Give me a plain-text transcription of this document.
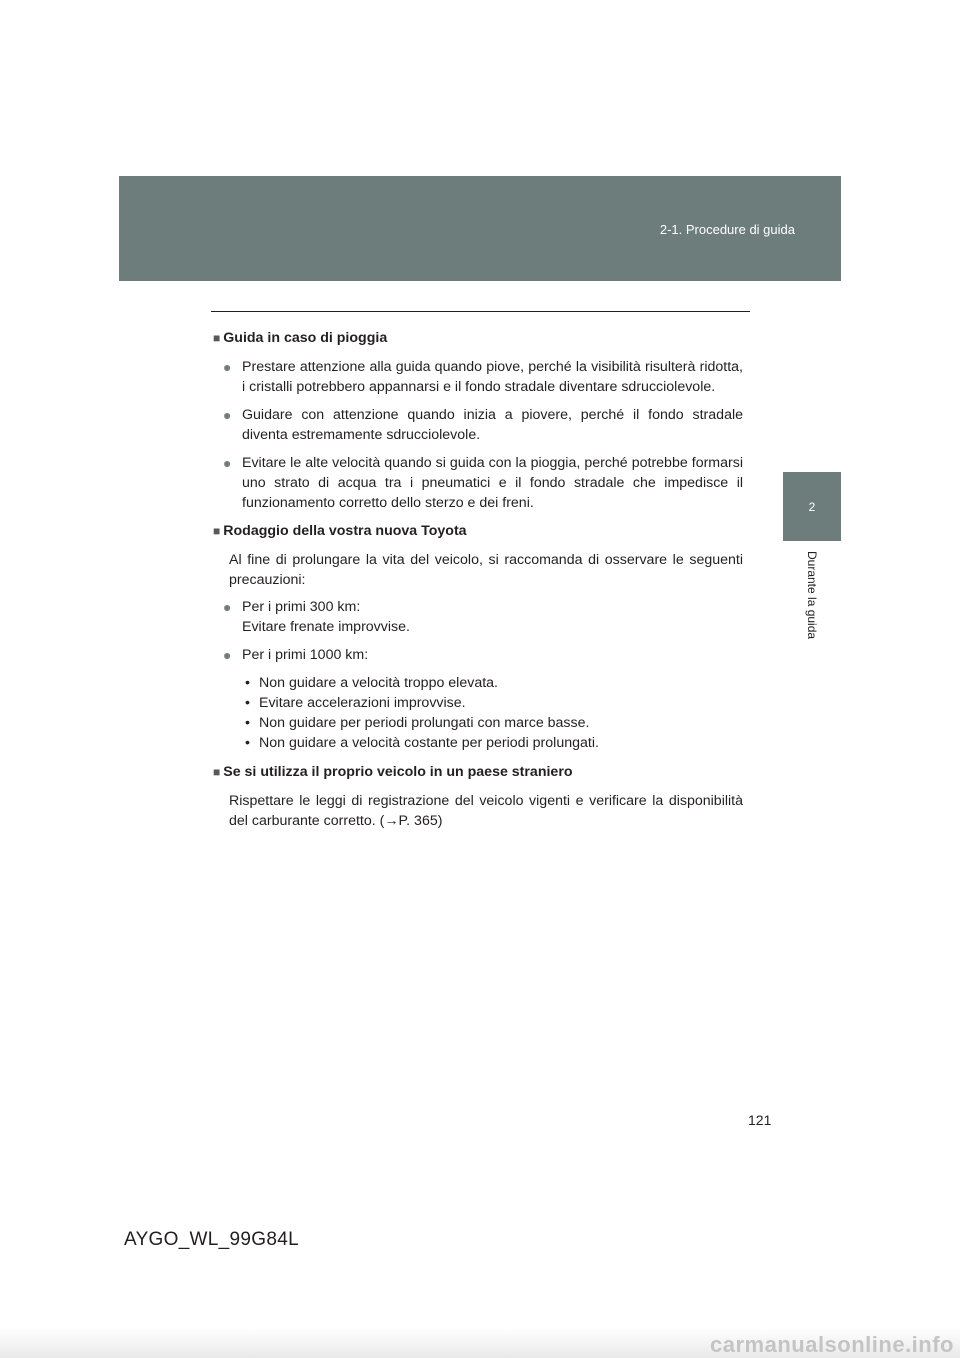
2-1. Procedure di guida
2
Durante la guida
■ Guida in caso di pioggia
● Prestare attenzione alla guida quando piove, perché la visibilità risulterà ridotta, i cristalli potrebbero appannarsi e il fondo stradale diventare sdrucciolevole.
● Guidare con attenzione quando inizia a piovere, perché il fondo stradale diventa estremamente sdrucciolevole.
● Evitare le alte velocità quando si guida con la pioggia, perché potrebbe formarsi uno strato di acqua tra i pneumatici e il fondo stradale che impedisce il funzionamento corretto dello sterzo e dei freni.
■ Rodaggio della vostra nuova Toyota
Al fine di prolungare la vita del veicolo, si raccomanda di osservare le seguenti precauzioni:
● Per i primi 300 km:
Evitare frenate improvvise.
● Per i primi 1000 km:
• Non guidare a velocità troppo elevata.
• Evitare accelerazioni improvvise.
• Non guidare per periodi prolungati con marce basse.
• Non guidare a velocità costante per periodi prolungati.
■ Se si utilizza il proprio veicolo in un paese straniero
Rispettare le leggi di registrazione del veicolo vigenti e verificare la disponibilità del carburante corretto. (→P. 365)
121
AYGO_WL_99G84L
carmanualsonline.info
